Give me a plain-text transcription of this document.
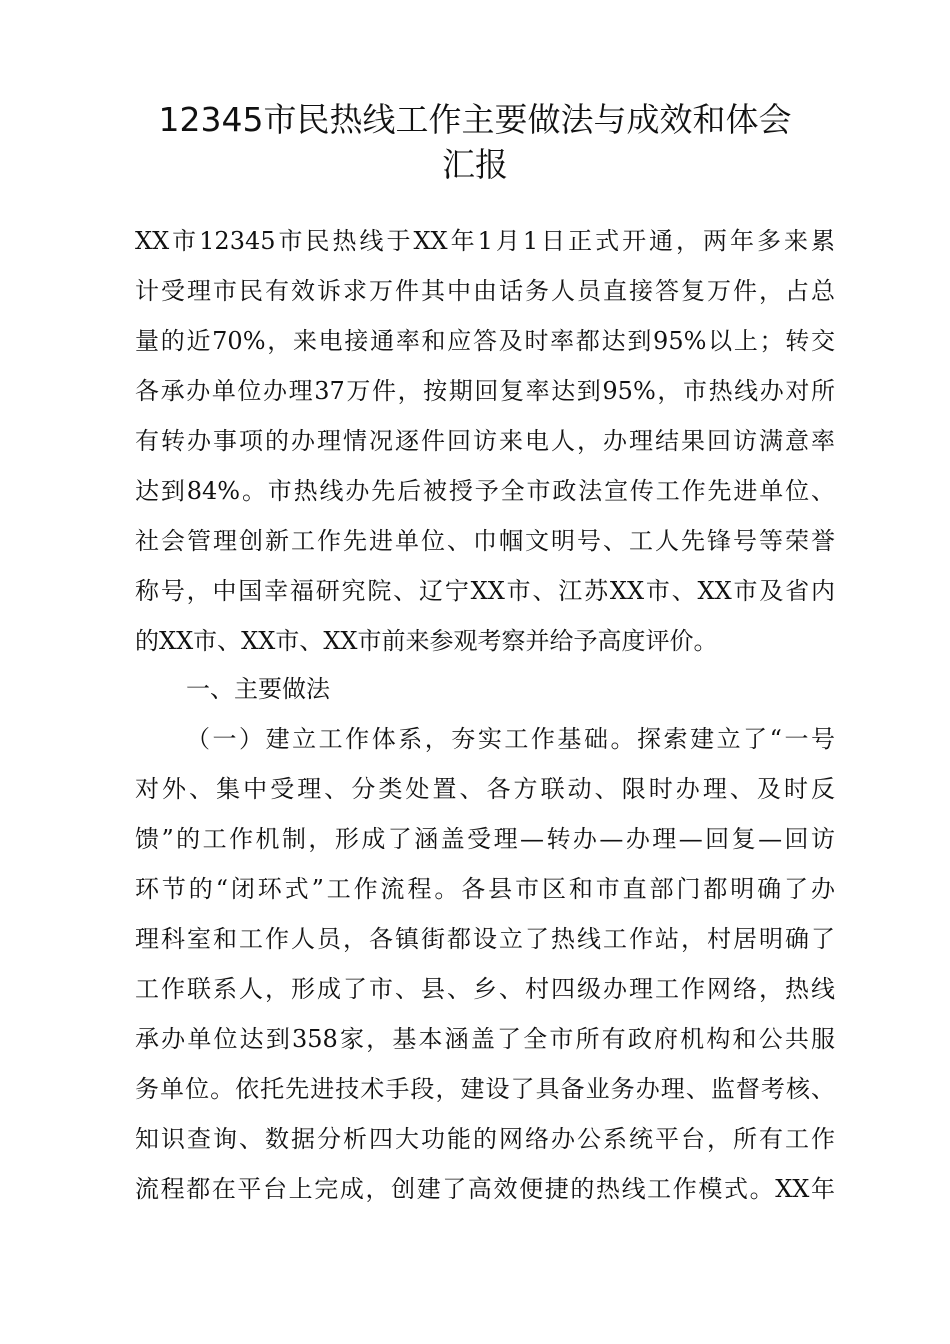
12345市民热线工作主要做法与成效和体会
汇报
XX市12345市民热线于XX年1月1日正式开通，两年多来累
计受理市民有效诉求万件其中由话务人员直接答复万件，占总
量的近70%，来电接通率和应答及时率都达到95%以上；转交
各承办单位办理37万件，按期回复率达到95%，市热线办对所
有转办事项的办理情况逐件回访来电人，办理结果回访满意率
达到84%。市热线办先后被授予全市政法宣传工作先进单位、
社会管理创新工作先进单位、巾帼文明号、工人先锋号等荣誉
称号，中国幸福研究院、辽宁XX市、江苏XX市、XX市及省内
的XX市、XX市、XX市前来参观考察并给予高度评价。
一、主要做法
（一）建立工作体系，夯实工作基础。探索建立了“一号
对外、集中受理、分类处置、各方联动、限时办理、及时反
馈”的工作机制，形成了涵盖受理—转办—办理—回复—回访
环节的“闭环式”工作流程。各县市区和市直部门都明确了办
理科室和工作人员，各镇街都设立了热线工作站，村居明确了
工作联系人，形成了市、县、乡、村四级办理工作网络，热线
承办单位达到358家，基本涵盖了全市所有政府机构和公共服
务单位。依托先进技术手段，建设了具备业务办理、监督考核、
知识查询、数据分析四大功能的网络办公系统平台，所有工作
流程都在平台上完成，创建了高效便捷的热线工作模式。XX年
